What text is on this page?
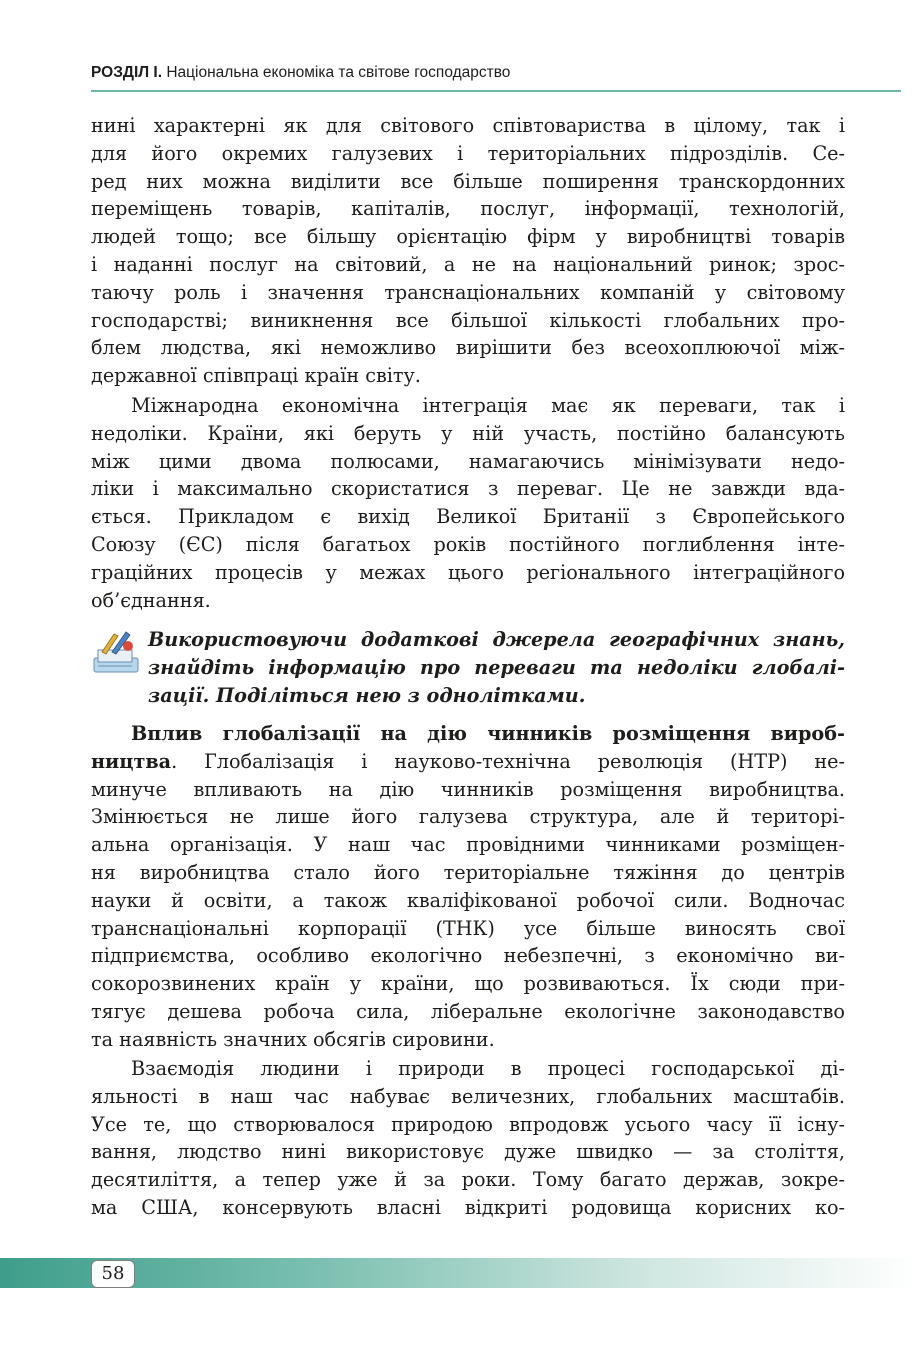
РОЗДІЛ І. Національна економіка та світове господарство
нині характерні як для світового співтовариства в цілому, так і
для його окремих галузевих і територіальних підрозділів. Се-
ред них можна виділити все більше поширення транскордонних
переміщень товарів, капіталів, послуг, інформації, технологій,
людей тощо; все більшу орієнтацію фірм у виробництві товарів
і наданні послуг на світовий, а не на національний ринок; зрос-
таючу роль і значення транснаціональних компаній у світовому
господарстві; виникнення все більшої кількості глобальних про-
блем людства, які неможливо вирішити без всеохоплюючої між-
державної співпраці країн світу.
Міжнародна економічна інтеграція має як переваги, так і
недоліки. Країни, які беруть у ній участь, постійно балансують
між цими двома полюсами, намагаючись мінімізувати недо-
ліки і максимально скористатися з переваг. Це не завжди вда-
ється. Прикладом є вихід Великої Британії з Європейського
Союзу (ЄС) після багатьох років постійного поглиблення інте-
граційних процесів у межах цього регіонального інтеграційного
об’єднання.
Використовуючи додаткові джерела географічних знань,
знайдіть інформацію про переваги та недоліки глобалі-
зації. Поділіться нею з однолітками.
Вплив глобалізації на дію чинників розміщення вироб-
ництва. Глобалізація і науково-технічна революція (НТР) не-
минуче впливають на дію чинників розміщення виробництва.
Змінюється не лише його галузева структура, але й територі-
альна організація. У наш час провідними чинниками розміщен-
ня виробництва стало його територіальне тяжіння до центрів
науки й освіти, а також кваліфікованої робочої сили. Водночас
транснаціональні корпорації (ТНК) усе більше виносять свої
підприємства, особливо екологічно небезпечні, з економічно ви-
сокорозвинених країн у країни, що розвиваються. Їх сюди при-
тягує дешева робоча сила, ліберальне екологічне законодавство
та наявність значних обсягів сировини.
Взаємодія людини і природи в процесі господарської ді-
яльності в наш час набуває величезних, глобальних масштабів.
Усе те, що створювалося природою впродовж усього часу її існу-
вання, людство нині використовує дуже швидко — за століття,
десятиліття, а тепер уже й за роки. Тому багато держав, зокре-
ма США, консервують власні відкриті родовища корисних ко-
58
